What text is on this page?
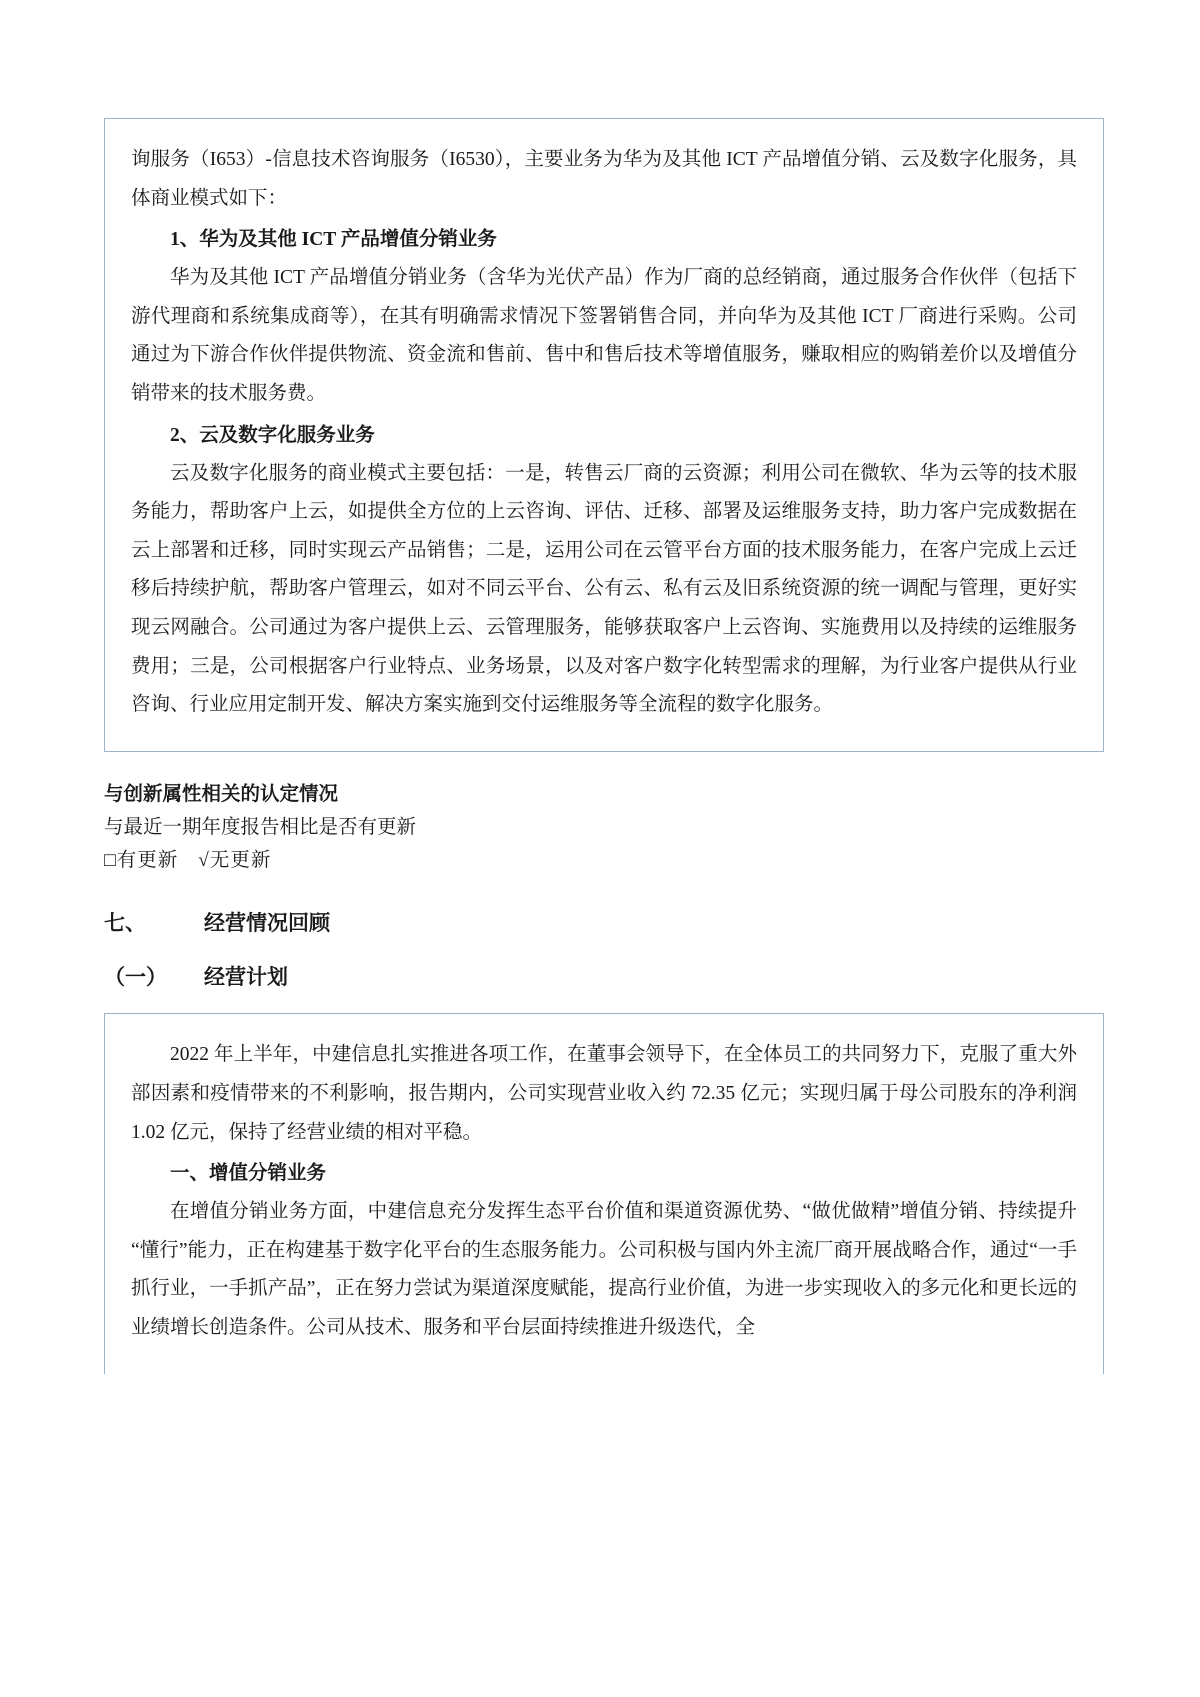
询服务（I653）-信息技术咨询服务（I6530），主要业务为华为及其他 ICT 产品增值分销、云及数字化服务，具体商业模式如下：

1、华为及其他 ICT 产品增值分销业务

华为及其他 ICT 产品增值分销业务（含华为光伏产品）作为厂商的总经销商，通过服务合作伙伴（包括下游代理商和系统集成商等），在其有明确需求情况下签署销售合同，并向华为及其他 ICT 厂商进行采购。公司通过为下游合作伙伴提供物流、资金流和售前、售中和售后技术等增值服务，赚取相应的购销差价以及增值分销带来的技术服务费。

2、云及数字化服务业务

云及数字化服务的商业模式主要包括：一是，转售云厂商的云资源；利用公司在微软、华为云等的技术服务能力，帮助客户上云，如提供全方位的上云咨询、评估、迁移、部署及运维服务支持，助力客户完成数据在云上部署和迁移，同时实现云产品销售；二是，运用公司在云管平台方面的技术服务能力，在客户完成上云迁移后持续护航，帮助客户管理云，如对不同云平台、公有云、私有云及旧系统资源的统一调配与管理，更好实现云网融合。公司通过为客户提供上云、云管理服务，能够获取客户上云咨询、实施费用以及持续的运维服务费用；三是，公司根据客户行业特点、业务场景，以及对客户数字化转型需求的理解，为行业客户提供从行业咨询、行业应用定制开发、解决方案实施到交付运维服务等全流程的数字化服务。

与创新属性相关的认定情况
与最近一期年度报告相比是否有更新
□有更新 √无更新
七、	经营情况回顾
（一）	经营计划

2022 年上半年，中建信息扎实推进各项工作，在董事会领导下，在全体员工的共同努力下，克服了重大外部因素和疫情带来的不利影响，报告期内，公司实现营业收入约 72.35 亿元；实现归属于母公司股东的净利润 1.02 亿元，保持了经营业绩的相对平稳。

一、增值分销业务

在增值分销业务方面，中建信息充分发挥生态平台价值和渠道资源优势、“做优做精”增值分销、持续提升“懂行”能力，正在构建基于数字化平台的生态服务能力。公司积极与国内外主流厂商开展战略合作，通过“一手抓行业，一手抓产品”，正在努力尝试为渠道深度赋能，提高行业价值，为进一步实现收入的多元化和更长远的业绩增长创造条件。公司从技术、服务和平台层面持续推进升级迭代，全
